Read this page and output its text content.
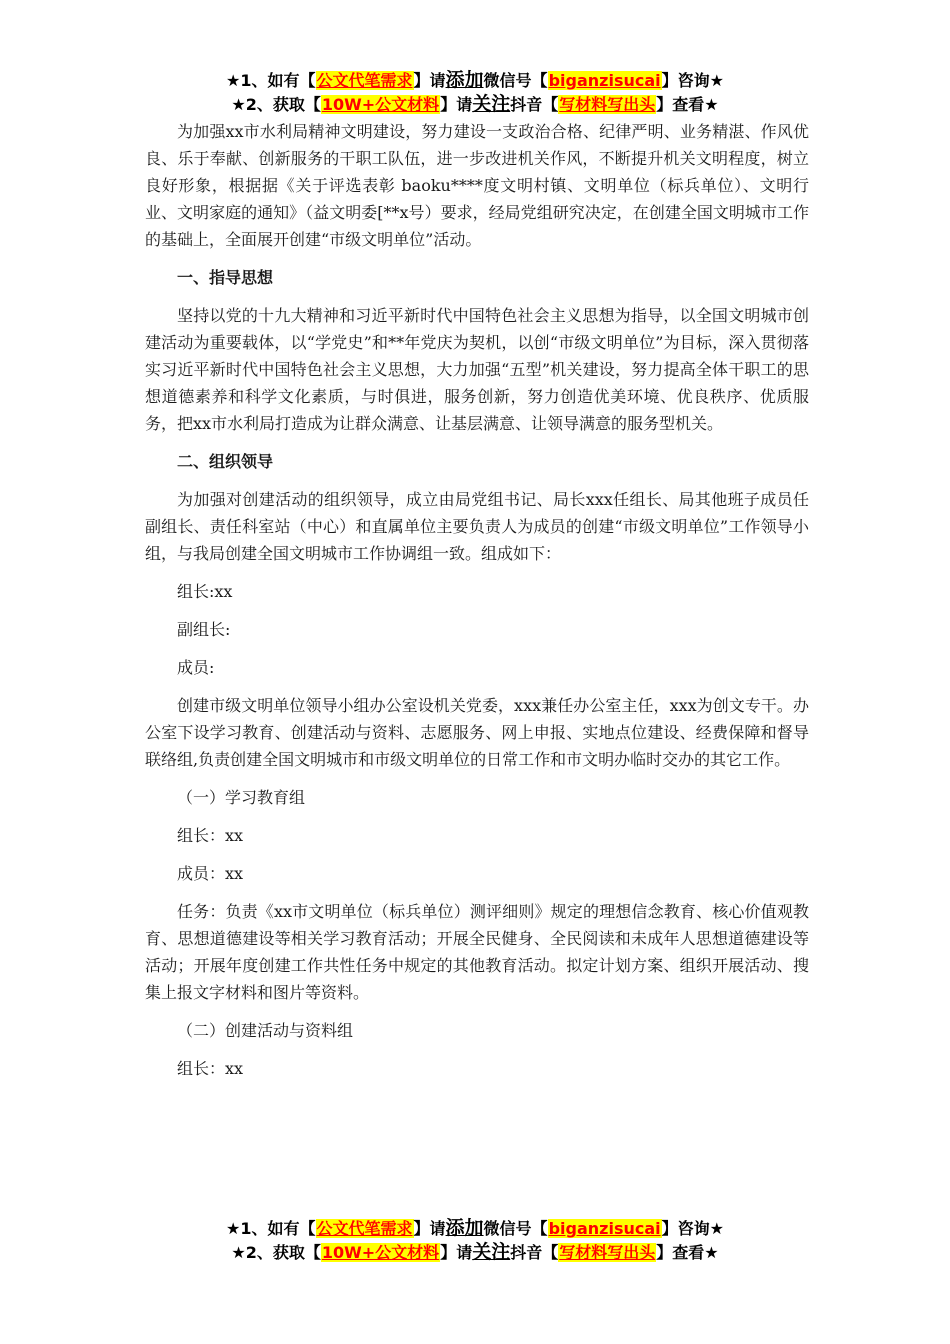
★1、如有【公文代笔需求】请添加微信号【biganzisucai】咨询★
★2、获取【10W+公文材料】请关注抖音【写材料写出头】查看★

为加强xx市水利局精神文明建设，努力建设一支政治合格、纪律严明、业务精湛、作风优良、乐于奉献、创新服务的干职工队伍，进一步改进机关作风，不断提升机关文明程度，树立良好形象，根据据《关于评选表彰 baoku****度文明村镇、文明单位（标兵单位）、文明行业、文明家庭的通知》（益文明委[**x号）要求，经局党组研究决定，在创建全国文明城市工作的基础上，全面展开创建“市级文明单位”活动。

一、指导思想

坚持以党的十九大精神和习近平新时代中国特色社会主义思想为指导，以全国文明城市创建活动为重要载体，以“学党史”和**年党庆为契机，以创“市级文明单位”为目标，深入贯彻落实习近平新时代中国特色社会主义思想，大力加强“五型”机关建设，努力提高全体干职工的思想道德素养和科学文化素质，与时俱进，服务创新，努力创造优美环境、优良秩序、优质服务，把xx市水利局打造成为让群众满意、让基层满意、让领导满意的服务型机关。

二、组织领导

为加强对创建活动的组织领导，成立由局党组书记、局长xxx任组长、局其他班子成员任副组长、责任科室站（中心）和直属单位主要负责人为成员的创建“市级文明单位”工作领导小组，与我局创建全国文明城市工作协调组一致。组成如下：

组长:xx

副组长:

成员:

创建市级文明单位领导小组办公室设机关党委，xxx兼任办公室主任，xxx为创文专干。办公室下设学习教育、创建活动与资料、志愿服务、网上申报、实地点位建设、经费保障和督导联络组,负责创建全国文明城市和市级文明单位的日常工作和市文明办临时交办的其它工作。

（一）学习教育组

组长：xx

成员：xx

任务：负责《xx市文明单位（标兵单位）测评细则》规定的理想信念教育、核心价值观教育、思想道德建设等相关学习教育活动；开展全民健身、全民阅读和未成年人思想道德建设等活动；开展年度创建工作共性任务中规定的其他教育活动。拟定计划方案、组织开展活动、搜集上报文字材料和图片等资料。

（二）创建活动与资料组

组长：xx

★1、如有【公文代笔需求】请添加微信号【biganzisucai】咨询★
★2、获取【10W+公文材料】请关注抖音【写材料写出头】查看★
